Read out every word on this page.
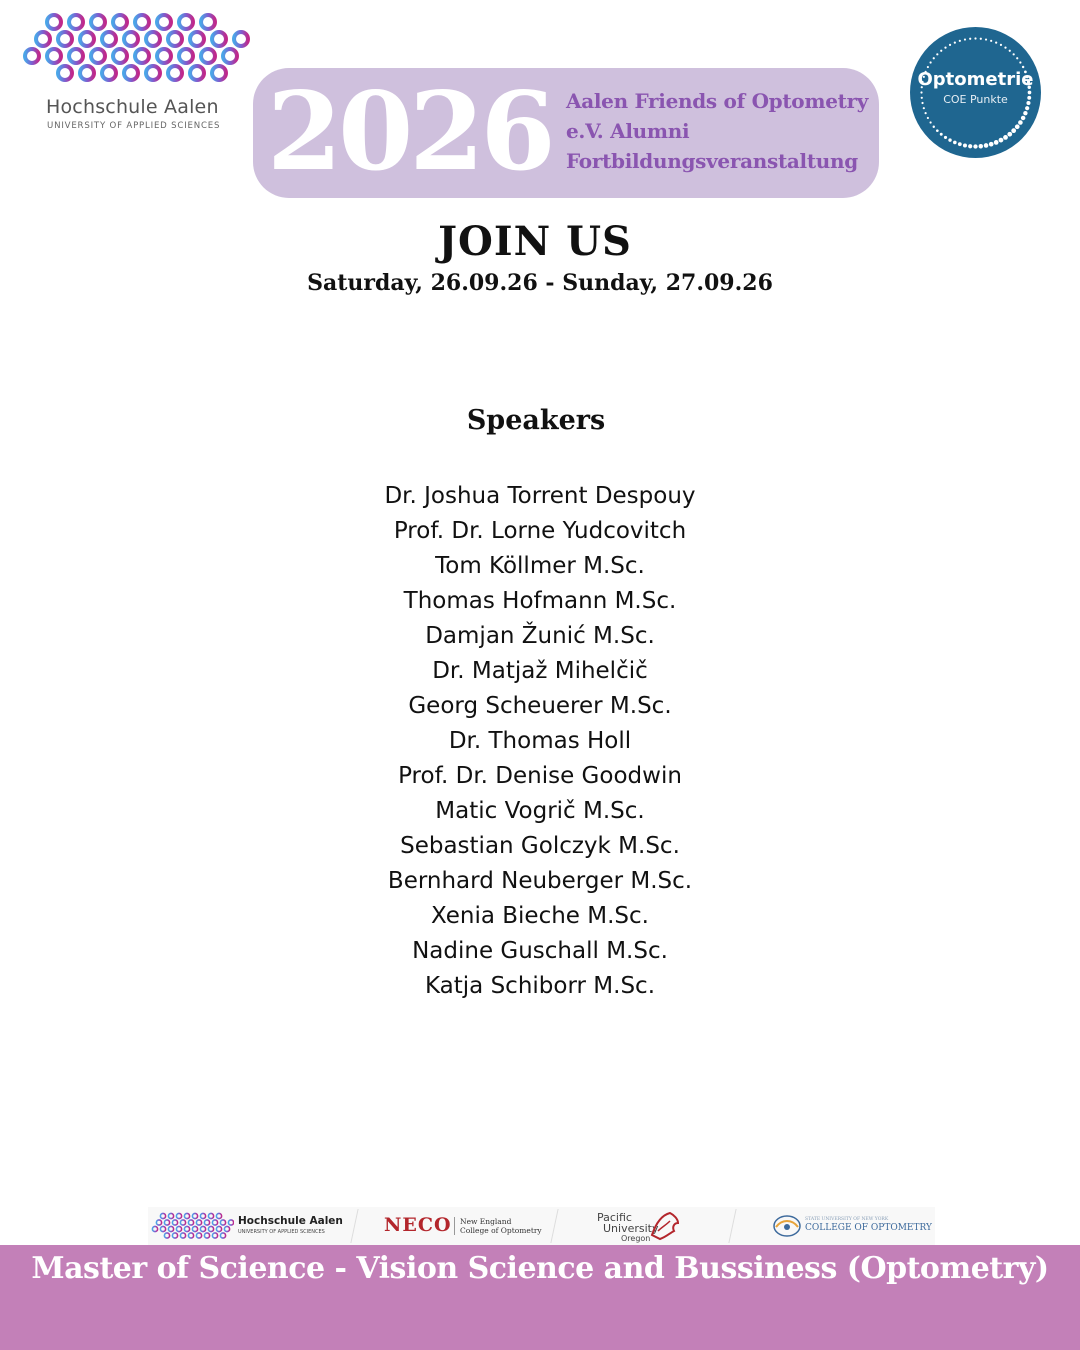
Hochschule Aalen
UNIVERSITY OF APPLIED SCIENCES 2026 Aalen Friends of Optometry
e.V. Alumni
Fortbildungsveranstaltung
Optometrie
COE Punkte
JOIN US
Saturday, 26.09.26 - Sunday, 27.09.26
Speakers
Dr. Joshua Torrent Despouy
Prof. Dr. Lorne Yudcovitch
Tom Köllmer M.Sc.
Thomas Hofmann M.Sc.
Damjan Žunić M.Sc.
Dr. Matjaž Mihelčič
Georg Scheuerer M.Sc.
Dr. Thomas Holl
Prof. Dr. Denise Goodwin
Matic Vogrič M.Sc.
Sebastian Golczyk M.Sc.
Bernhard Neuberger M.Sc.
Xenia Bieche M.Sc.
Nadine Guschall M.Sc.
Katja Schiborr M.Sc.
Hochschule Aalen
UNIVERSITY OF APPLIED SCIENCES	NECO New England
College of Optometry
Pacific
University
Oregon
STATE UNIVERSITY OF NEW YORK
COLLEGE OF OPTOMETRY
Master of Science - Vision Science and Bussiness (Optometry)
